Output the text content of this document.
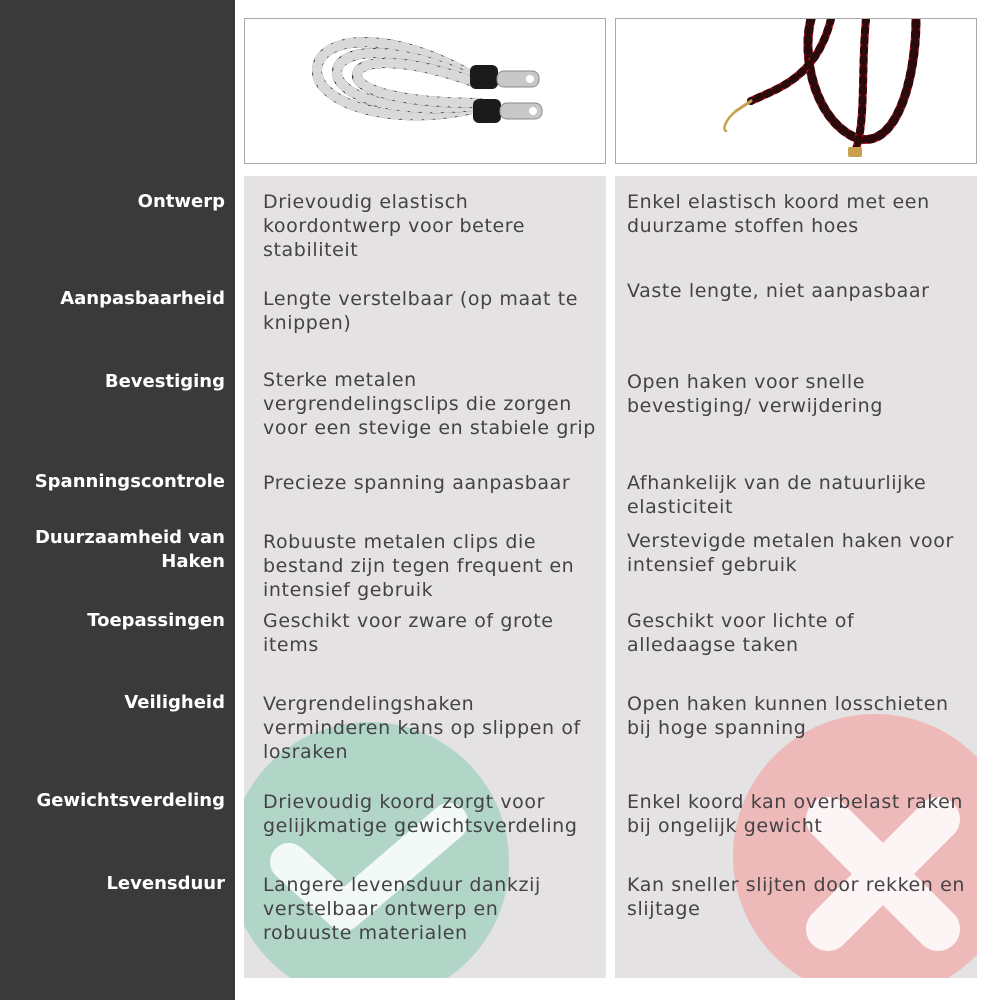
Ontwerp
Aanpasbaarheid
Bevestiging
Spanningscontrole
Duurzaamheid van Haken
Toepassingen
Veiligheid
Gewichtsverdeling
Levensduur
Drievoudig elastisch koordontwerp voor betere stabiliteit
Lengte verstelbaar (op maat te knippen)
Sterke metalen vergrendelingsclips die zorgen voor een stevige en stabiele grip
Precieze spanning aanpasbaar
Robuuste metalen clips die bestand zijn tegen frequent en intensief gebruik
Geschikt voor zware of grote items
Vergrendelingshaken verminderen kans op slippen of losraken
Drievoudig koord zorgt voor gelijkmatige gewichtsverdeling
Langere levensduur dankzij verstelbaar ontwerp en robuuste materialen
Enkel elastisch koord met een duurzame stoffen hoes
Vaste lengte, niet aanpasbaar
Open haken voor snelle bevestiging/ verwijdering
Afhankelijk van de natuurlijke elasticiteit
Verstevigde metalen haken voor intensief gebruik
Geschikt voor lichte of alledaagse taken
Open haken kunnen losschieten bij hoge spanning
Enkel koord kan overbelast raken bij ongelijk gewicht
Kan sneller slijten door rekken en slijtage
